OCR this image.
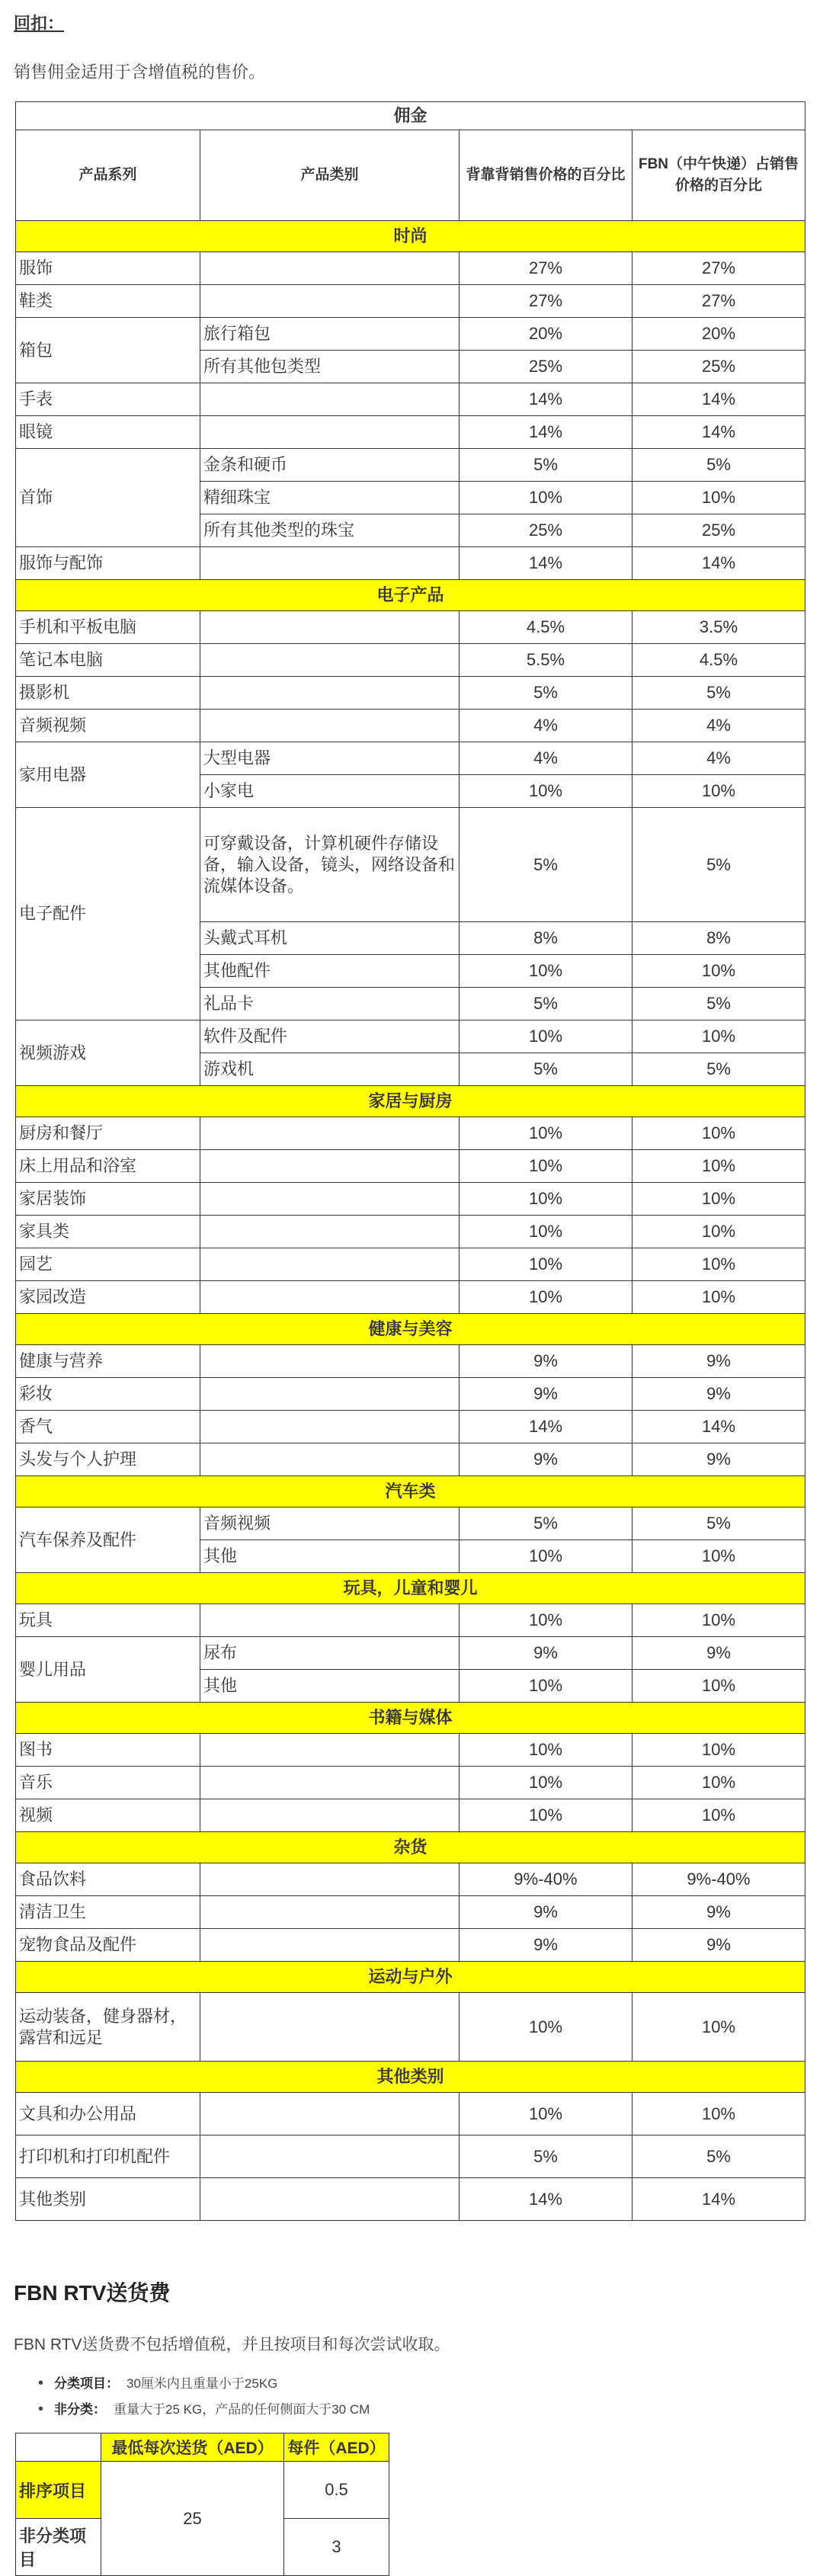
回扣：
销售佣金适用于含增值税的售价。
佣金			
产品系列	产品类别	背靠背销售价格的百分比	FBN（中午快递）占销售价格的百分比
时尚			
服饰		27%	27%
鞋类		27%	27%
箱包	旅行箱包	20%	20%
	所有其他包类型	25%	25%
手表		14%	14%
眼镜		14%	14%
首饰	金条和硬币	5%	5%
	精细珠宝	10%	10%
	所有其他类型的珠宝	25%	25%
服饰与配饰		14%	14%
电子产品			
手机和平板电脑		4.5%	3.5%
笔记本电脑		5.5%	4.5%
摄影机		5%	5%
音频视频		4%	4%
家用电器	大型电器	4%	4%
	小家电	10%	10%
电子配件	可穿戴设备，计算机硬件存储设备，输入设备，镜头，网络设备和流媒体设备。	5%	5%
	头戴式耳机	8%	8%
	其他配件	10%	10%
	礼品卡	5%	5%
视频游戏	软件及配件	10%	10%
	游戏机	5%	5%
家居与厨房			
厨房和餐厅		10%	10%
床上用品和浴室		10%	10%
家居装饰		10%	10%
家具类		10%	10%
园艺		10%	10%
家园改造		10%	10%
健康与美容			
健康与营养		9%	9%
彩妆		9%	9%
香气		14%	14%
头发与个人护理		9%	9%
汽车类			
汽车保养及配件	音频视频	5%	5%
	其他	10%	10%
玩具，儿童和婴儿			
玩具		10%	10%
婴儿用品	尿布	9%	9%
	其他	10%	10%
书籍与媒体			
图书		10%	10%
音乐		10%	10%
视频		10%	10%
杂货			
食品饮料		9%-40%	9%-40%
清洁卫生		9%	9%
宠物食品及配件		9%	9%
运动与户外			
运动装备，健身器材，露营和远足		10%	10%
其他类别			
文具和办公用品		10%	10%
打印机和打印机配件		5%	5%
其他类别		14%	14%
FBN RTV送货费
FBN RTV送货费不包括增值税，并且按项目和每次尝试收取。
• 分类项目： 30厘米内且重量小于25KG
• 非分类： 重量大于25 KG，产品的任何侧面大于30 CM
	最低每次送货（AED）	每件（AED）
排序项目	25	0.5
非分类项目		3
